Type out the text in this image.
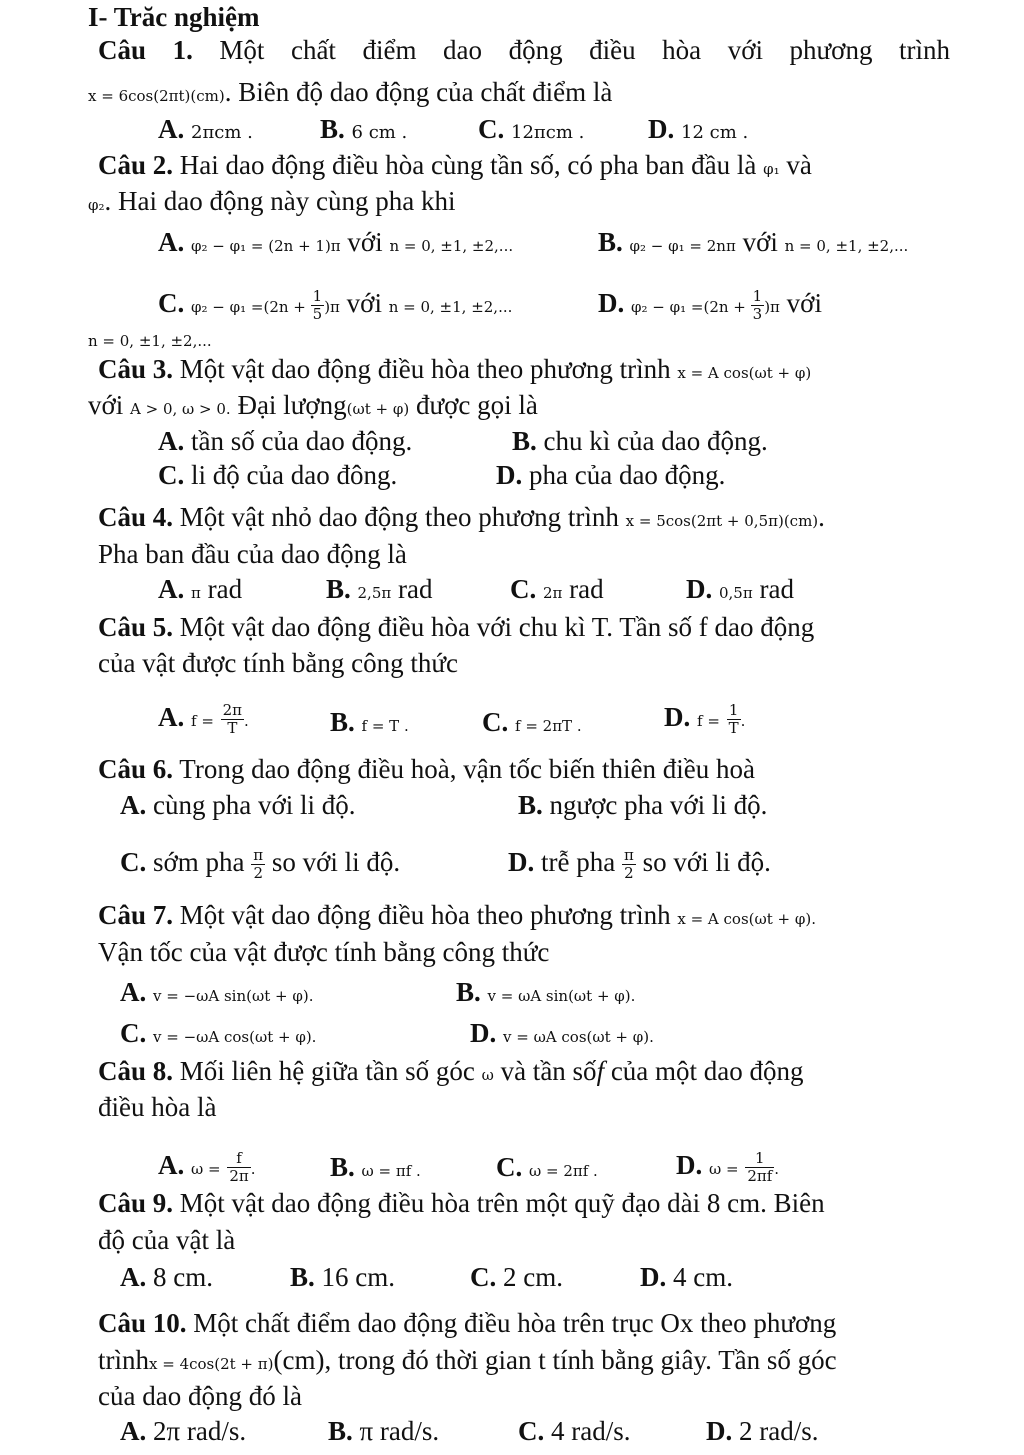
I- Trăc nghiệm
Câu 1. Một chất điểm dao động điều hòa với phương trình
x = 6cos(2πt)(cm). Biên độ dao động của chất điểm là
A. 2πcm . B. 6 cm .	C. 12πcm . D. 12 cm .
Câu 2. Hai dao động điều hòa cùng tần số, có pha ban đầu là φ₁ và
φ₂. Hai dao động này cùng pha khi
A. φ₂ − φ₁ = (2n + 1)π với n = 0, ±1, ±2,...	B. φ₂ − φ₁ = 2nπ với n = 0, ±1, ±2,...
C. $\varphi_2 - \varphi_1 =(2n + \frac{1}{5} )\pi$ với n = 0, ±1, ±2,...	D. $\varphi_2 - \varphi_1 =(2n + \frac{1}{3} )\pi$ với
n = 0, ±1, ±2,...
Câu 3. Một vật dao động điều hòa theo phương trình x = A cos(ωt + φ)
với A > 0, ω > 0. Đại lượng(ωt + φ) được gọi là
A. tần số của dao động.	B. chu kì của dao động.
C. li độ của dao đông.	D. pha của dao động.
Câu 4. Một vật nhỏ dao động theo phương trình x = 5cos(2πt + 0,5π)(cm).
Pha ban đầu của dao động là
A. π rad	B. 2,5π rad	C. 2π rad	D. 0,5π rad
Câu 5. Một vật dao động điều hòa với chu kì T. Tần số f dao động
của vật được tính bằng công thức
A. $f = \frac{2\pi}{T}$ .	B. f = T .	C. f = 2πT .	D. $f = \frac{1}{T}$ .
Câu 6. Trong dao động điều hoà, vận tốc biến thiên điều hoà
A. cùng pha với li độ.	B. ngược pha với li độ.
C. sớm pha $\frac{\pi}{2}$ so với li độ.	D. trễ pha $\frac{\pi}{2}$ so với li độ.
Câu 7. Một vật dao động điều hòa theo phương trình x = A cos(ωt + φ).
Vận tốc của vật được tính bằng công thức
A. v = −ωA sin(ωt + φ).	B. v = ωA sin(ωt + φ).
C. v = −ωA cos(ωt + φ).	D. v = ωA cos(ωt + φ).
Câu 8. Mối liên hệ giữa tần số góc ω và tần sốf của một dao động
điều hòa là
A. $\omega = \frac{f}{2\pi}$ .	B. ω = πf .	C. ω = 2πf .	D. $\omega = \frac{1}{2\pi f}$ .
Câu 9. Một vật dao động điều hòa trên một quỹ đạo dài 8 cm. Biên
độ của vật là
A. 8 cm.	B. 16 cm.	C. 2 cm.	D. 4 cm.
Câu 10. Một chất điểm dao động điều hòa trên trục Ox theo phương
trìnhx = 4cos(2t + π)(cm), trong đó thời gian t tính bằng giây. Tần số góc
của dao động đó là
A. 2π rad/s.	B. π rad/s.	C. 4 rad/s.	D. 2 rad/s.
